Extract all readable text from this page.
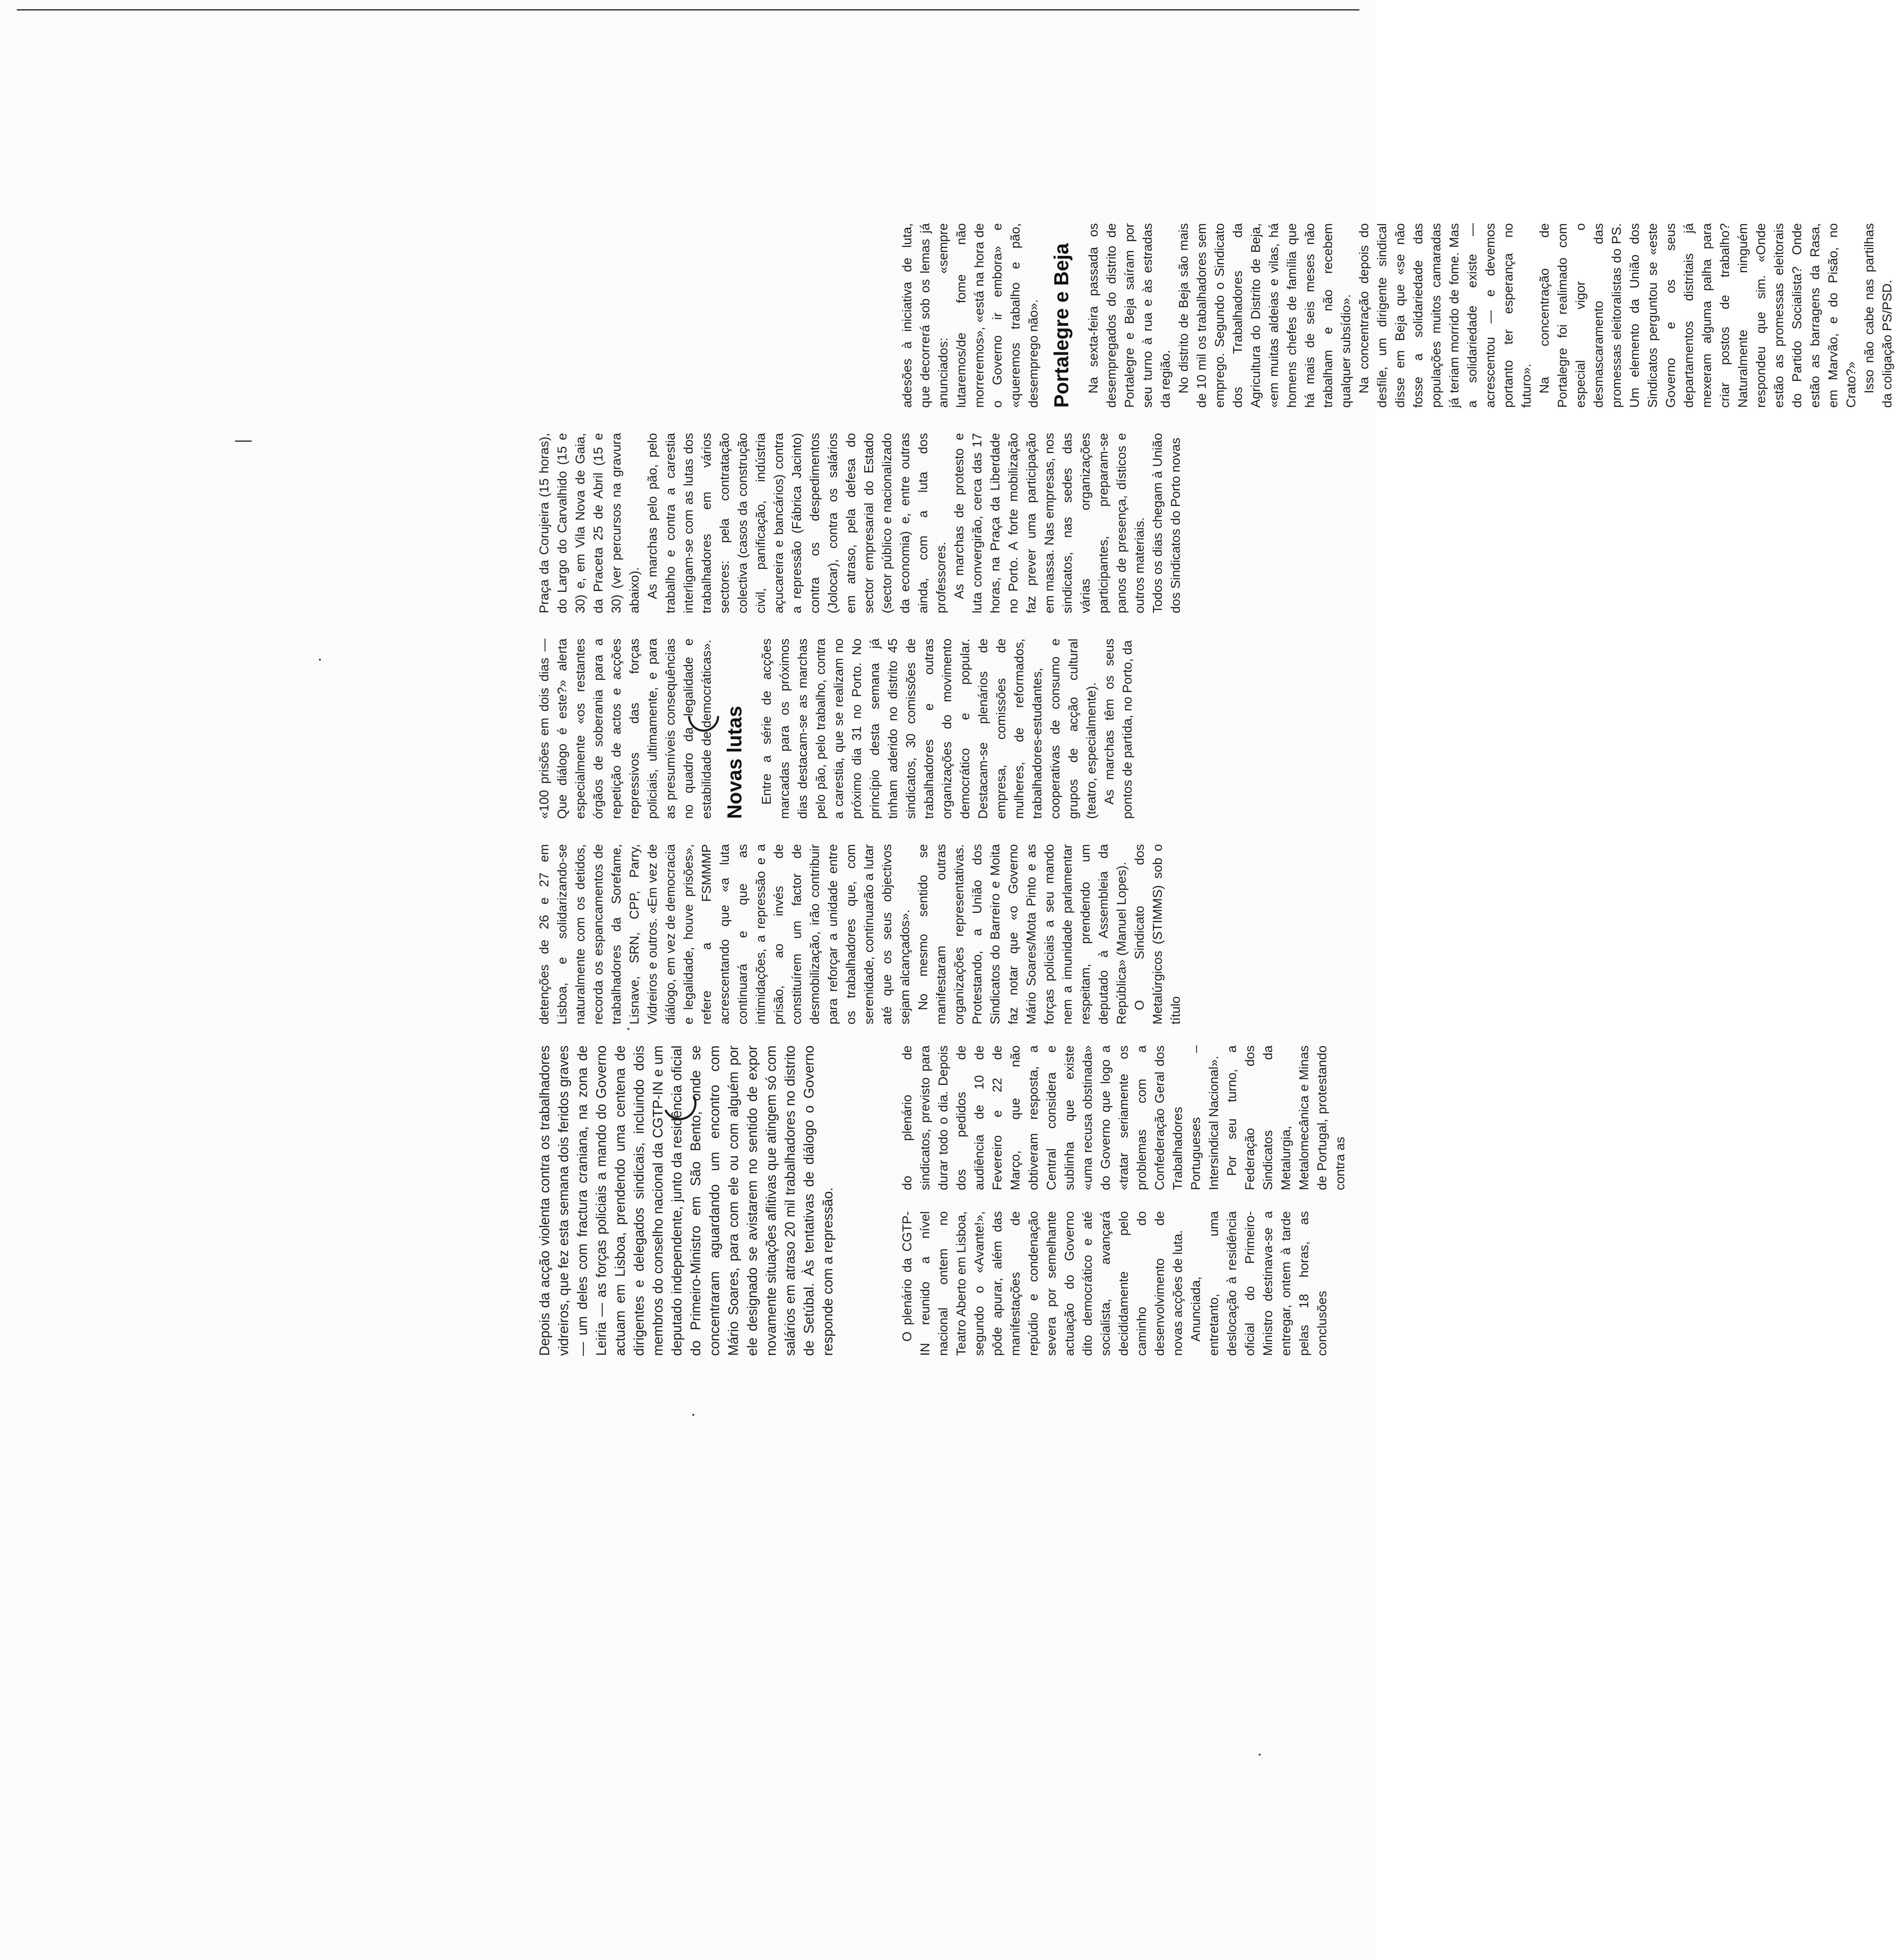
Depois da acção violenta contra os trabalhadores vidreiros, que fez esta semana dois feridos graves — um deles com fractura craniana, na zona de Leiria — as forças policiais a mando do Governo actuam em Lisboa, prendendo uma centena de dirigentes e delegados sindicais, incluindo dois membros do conselho nacional da CGTP-IN e um deputado independente, junto da residência oficial do Primeiro-Ministro em São Bento, onde se concentraram aguardando um encontro com Mário Soares, para com ele ou com alguém por ele designado se avistarem no sentido de expor novamente situações aflitivas que atingem só com salários em atraso 20 mil trabalhadores no distrito de Setúbal. Às tentativas de diálogo o Governo responde com a repressão.	O plenário da CGTP-IN reunido a nível nacional ontem no Teatro Aberto em Lisboa, segundo o «Avante!», pôde apurar, além das manifestações de repúdio e condenação severa por semelhante actuação do Governo dito democrático e até socialista, avançará decididamente pelo caminho do desenvolvimento de novas acções de luta. Anunciada, entretanto, uma deslocação à residência oficial do Primeiro-Ministro destinava-se a entregar, ontem à tarde pelas 18 horas, as conclusões

do plenário de sindicatos, previsto para durar todo o dia. Depois dos pedidos de audiência de 10 de Fevereiro e 22 de Março, que não obtiveram resposta, a Central considera e sublinha que existe «uma recusa obstinada» do Governo que logo a «tratar seriamente os problemas com a Confederação Geral dos Trabalhadores Portugueses – Intersindical Nacional». Por seu turno, a Federação dos Sindicatos da Metalurgia, Metalomecânica e Minas de Portugal, protestando contra as

detenções de 26 e 27 em Lisboa, e solidarizando-se naturalmente com os detidos, recorda os espancamentos de trabalhadores da Sorefame, Lisnave, SRN, CPP, Parry, Vidreiros e outros. «Em vez de diálogo, em vez de democracia e legalidade, houve prisões», refere a FSMMMP acrescentando que «a luta continuará e que as intimidações, a repressão e a prisão, ao invés de constituírem um factor de desmobilização, irão contribuir para reforçar a unidade entre os trabalhadores que, com serenidade, continuarão a lutar até que os seus objectivos sejam alcançados». No mesmo sentido se manifestaram outras organizações representativas. Protestando, a União dos Sindicatos do Barreiro e Moita faz notar que «o Governo Mário Soares/Mota Pinto e as forças policiais a seu mando nem a imunidade parlamentar respeitam, prendendo um deputado à Assembleia da República» (Manuel Lopes). O Sindicato dos Metalúrgicos (STIMMS) sob o título

«100 prisões em dois dias — Que diálogo é este?» alerta especialmente «os restantes órgãos de soberania para a repetição de actos e acções repressivos das forças policiais, ultimamente, e para as presumíveis consequências no quadro da legalidade e estabilidade de democráticas». Novas lutas Entre a série de acções marcadas para os próximos dias destacam-se as marchas pelo pão, pelo trabalho, contra a carestia, que se realizam no próximo dia 31 no Porto. No princípio desta semana já tinham aderido no distrito 45 sindicatos, 30 comissões de trabalhadores e outras organizações do movimento democrático e popular. Destacam-se plenários de empresa, comissões de mulheres, de reformados, trabalhadores-estudantes, cooperativas de consumo e grupos de acção cultural (teatro, especialmente). As marchas têm os seus pontos de partida, no Porto, da

Praça da Corujeira (15 horas), do Largo do Carvalhido (15 e 30) e, em Vila Nova de Gaia, da Praceta 25 de Abril (15 e 30) (ver percursos na gravura abaixo). As marchas pelo pão, pelo trabalho e contra a carestia interligam-se com as lutas dos trabalhadores em vários sectores: pela contratação colectiva (casos da construção civil, panificação, indústria açucareira e bancários) contra a repressão (Fábrica Jacinto) contra os despedimentos (Jolocar), contra os salários em atraso, pela defesa do sector empresarial do Estado (sector público e nacionalizado da economia) e, entre outras ainda, com a luta dos professores. As marchas de protesto e luta convergirão, cerca das 17 horas, na Praça da Liberdade no Porto. A forte mobilização faz prever uma participação em massa. Nas empresas, nos sindicatos, nas sedes das várias organizações participantes, preparam-se panos de presença, dísticos e outros materiais. Todos os dias chegam à União dos Sindicatos do Porto novas

adesões à iniciativa de luta, que decorrerá sob os lemas já anunciados: «sempre lutaremos/de fome não morreremos», «está na hora de o Governo ir embora» e «queremos trabalho e pão, desemprego não». Portalegre e Beja Na sexta-feira passada os desempregados do distrito de Portalegre e Beja saíram por seu turno à rua e às estradas da região. No distrito de Beja são mais de 10 mil os trabalhadores sem emprego. Segundo o Sindicato dos Trabalhadores da Agricultura do Distrito de Beja, «em muitas aldeias e vilas, há homens chefes de família que há mais de seis meses não trabalham e não recebem qualquer subsídio». Na concentração depois do desfile, um dirigente sindical disse em Beja que «se não fosse a solidariedade das populações muitos camaradas já teriam morrido de fome. Mas a solidariedade existe — acrescentou — e devemos portanto ter esperança no futuro». Na concentração de Portalegre foi realimado com especial vigor o desmascaramento das promessas eleitoralistas do PS. Um elemento da União dos Sindicatos perguntou se «este Governo e os seus departamentos distritais já mexeram alguma palha para criar postos de trabalho? Naturalmente ninguém respondeu que sim. «Onde estão as promessas eleitorais do Partido Socialista? Onde estão as barragens da Rasa, em Marvão, e do Pisão, no Crato?» Isso não cabe nas partilhas da coligação PS/PSD.
